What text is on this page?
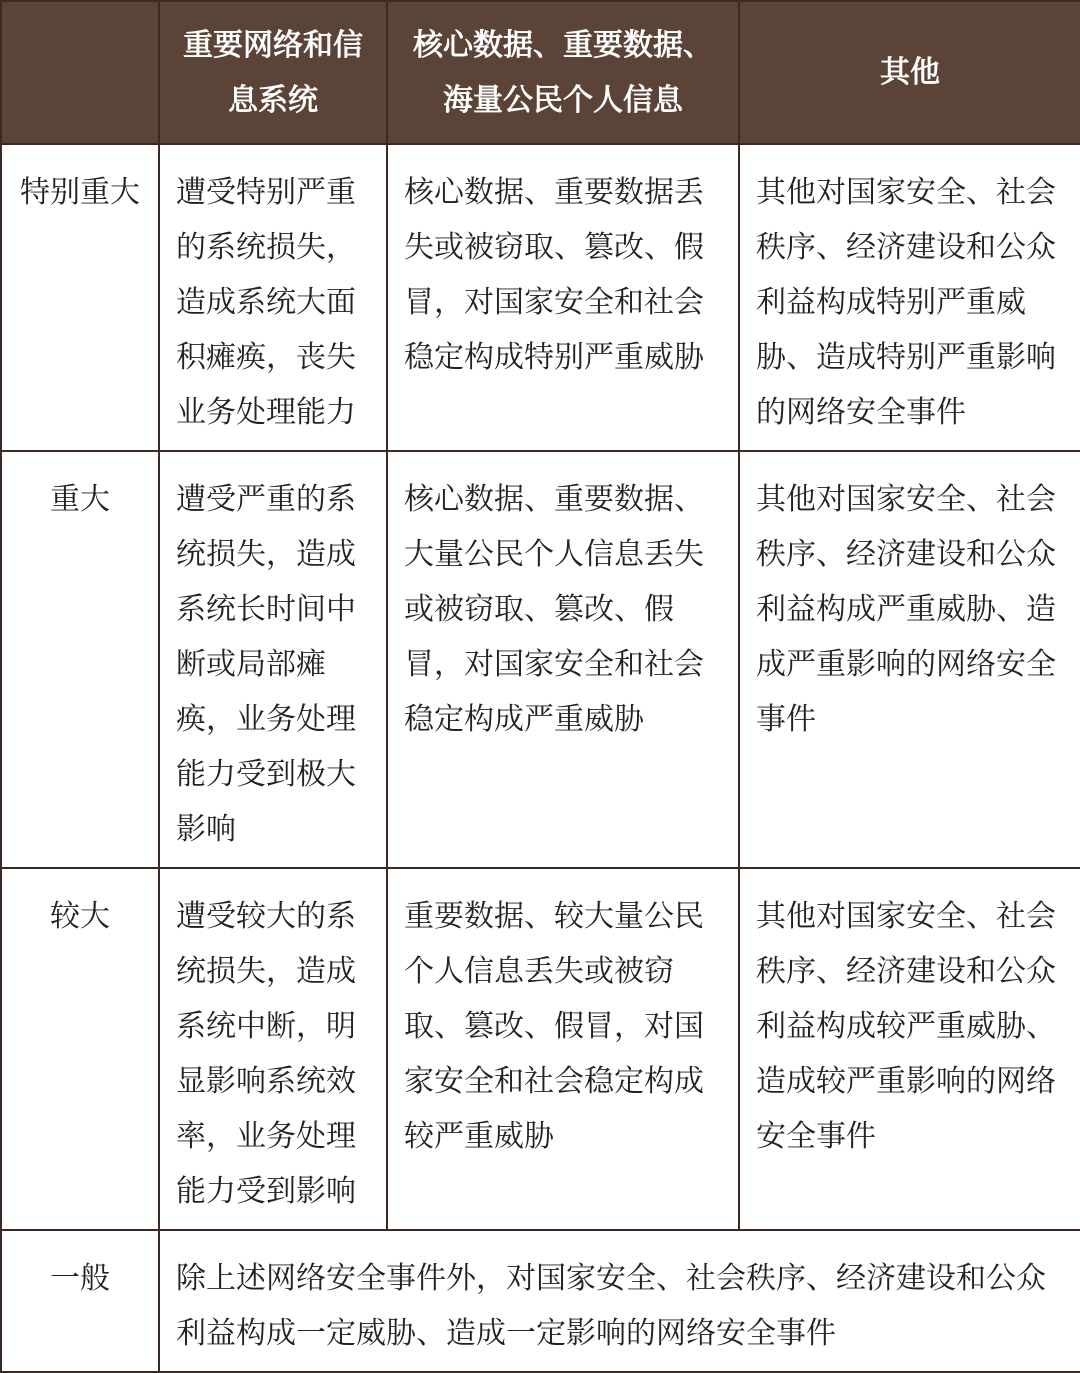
	重要网络和信息系统	核心数据、重要数据、海量公民个人信息	其他
特别重大	遭受特别严重的系统损失，造成系统大面积瘫痪，丧失业务处理能力	核心数据、重要数据丢失或被窃取、篡改、假冒，对国家安全和社会稳定构成特别严重威胁	其他对国家安全、社会秩序、经济建设和公众利益构成特别严重威胁、造成特别严重影响的网络安全事件
重大	遭受严重的系统损失，造成系统长时间中断或局部瘫痪，业务处理能力受到极大影响	核心数据、重要数据、大量公民个人信息丢失或被窃取、篡改、假冒，对国家安全和社会稳定构成严重威胁	其他对国家安全、社会秩序、经济建设和公众利益构成严重威胁、造成严重影响的网络安全事件
较大	遭受较大的系统损失，造成系统中断，明显影响系统效率，业务处理能力受到影响	重要数据、较大量公民个人信息丢失或被窃取、篡改、假冒，对国家安全和社会稳定构成较严重威胁	其他对国家安全、社会秩序、经济建设和公众利益构成较严重威胁、造成较严重影响的网络安全事件
一般	除上述网络安全事件外，对国家安全、社会秩序、经济建设和公众利益构成一定威胁、造成一定影响的网络安全事件		
